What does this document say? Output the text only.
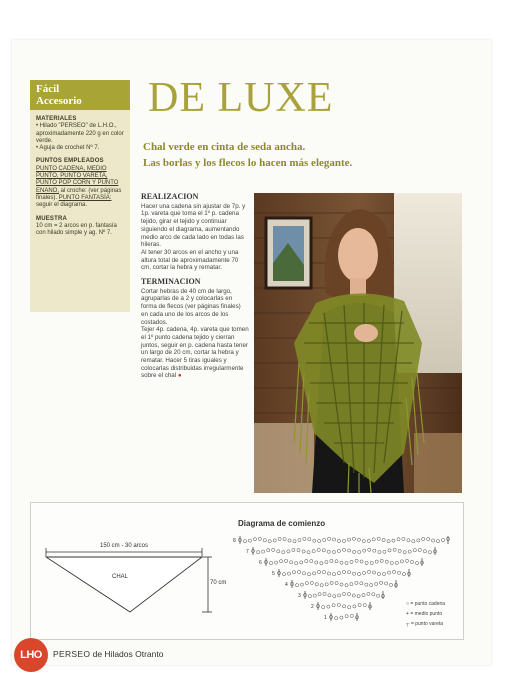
Fácil
Accesorio
MATERIALES
• Hilado "PERSEO" de L.H.O., aproximadamente 220 g en color verde.
• Aguja de crochet Nº 7.
PUNTOS EMPLEADOS
PUNTO CADENA, MEDIO PUNTO, PUNTO VARETA, PUNTO POP CORN Y PUNTO ENANO, al croche: (ver páginas finales). PUNTO FANTASÍA: seguir el diagrama.
MUESTRA
10 cm = 2 arcos en p. fantasía con hilado simple y ag. Nº 7.
DE LUXE
Chal verde en cinta de seda ancha.
Las borlas y los flecos lo hacen más elegante.
REALIZACION

Hacer una cadena sin ajustar de 7p. y 1p. vareta que toma el 1º p. cadena tejido, girar el tejido y continuar siguiendo el diagrama, aumentando medio arco de cada lado en todas las hileras.

Al tener 30 arcos en el ancho y una altura total de aproximadamente 70 cm, cortar la hebra y rematar.

TERMINACION

Cortar hebras de 40 cm de largo, agruparlas de a 2 y colocarlas en forma de flecos (ver páginas finales) en cada uno de los arcos de los costados.

Tejer 4p. cadena, 4p. vareta que tomen el 1º punto cadena tejido y cierran juntos, seguir en p. cadena hasta tener un largo de 20 cm, cortar la hebra y rematar. Hacer 5 tiras iguales y colocarlas distribuidas irregularmente sobre el chal ●

150 cm - 30 arcos
CHAL
70 cm
Diagrama de comienzo
8
7
6
5
4
3
2
1
○ = punto cadena
+ = medio punto
┬ = punto vareta
LHO	PERSEO de Hilados Otranto
